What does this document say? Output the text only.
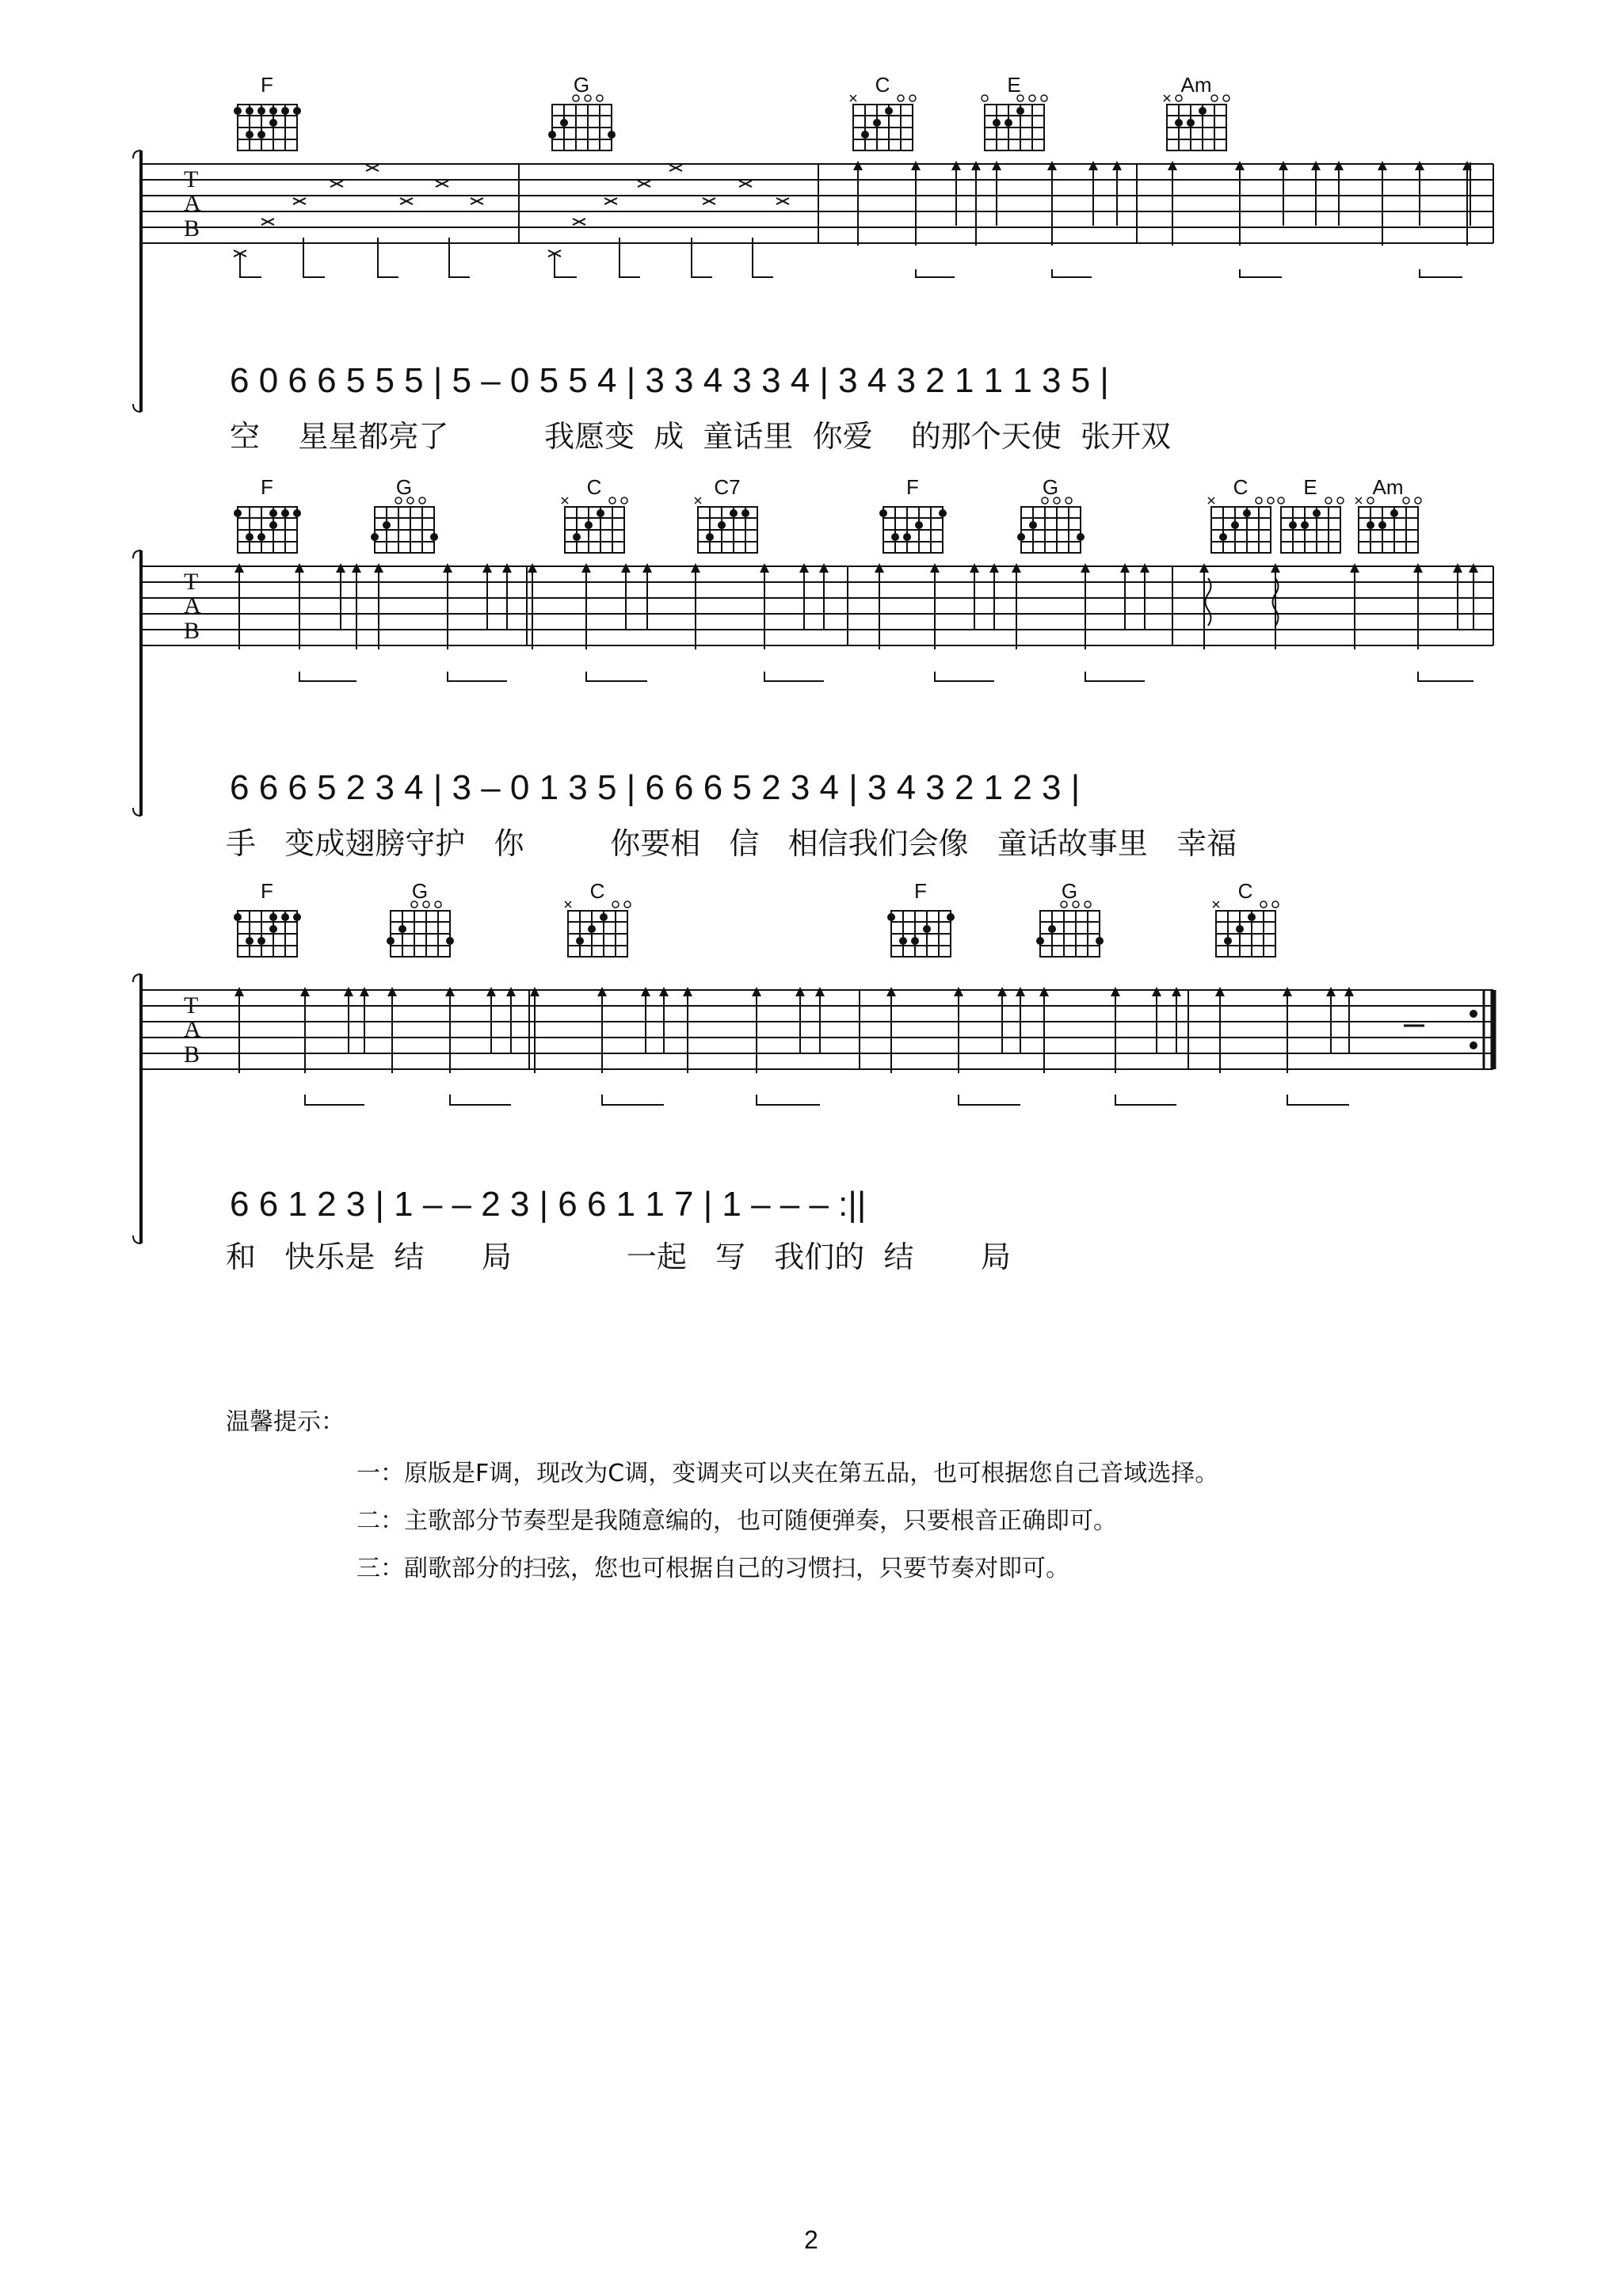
F	G	C	E	Am
T
A
B
6 0 6 6 5 5 5 | 5 – 0 5 5 4 | 3 3 4 3 3 4 | 3 4 3 2 1 1 1 3 5 |
空    星星都亮了          我愿变  成  童话里  你爱    的那个天使  张开双
F	G	C	C7	F	G	C	E	Am
T
A
B
6 6 6 5 2 3 4 | 3 – 0 1 3 5 | 6 6 6 5 2 3 4 | 3 4 3 2 1 2 3 |
手   变成翅膀守护   你         你要相   信   相信我们会像   童话故事里   幸福
F	G	C	F	G	C
T
A
B
6 6 1 2 3 | 1 – – 2 3 | 6 6 1 1 7 | 1 – – – :||
和   快乐是  结      局            一起   写   我们的  结       局
温馨提示：
一：原版是F调，现改为C调，变调夹可以夹在第五品，也可根据您自己音域选择。
二：主歌部分节奏型是我随意编的，也可随便弹奏，只要根音正确即可。
三：副歌部分的扫弦，您也可根据自己的习惯扫，只要节奏对即可。
2
